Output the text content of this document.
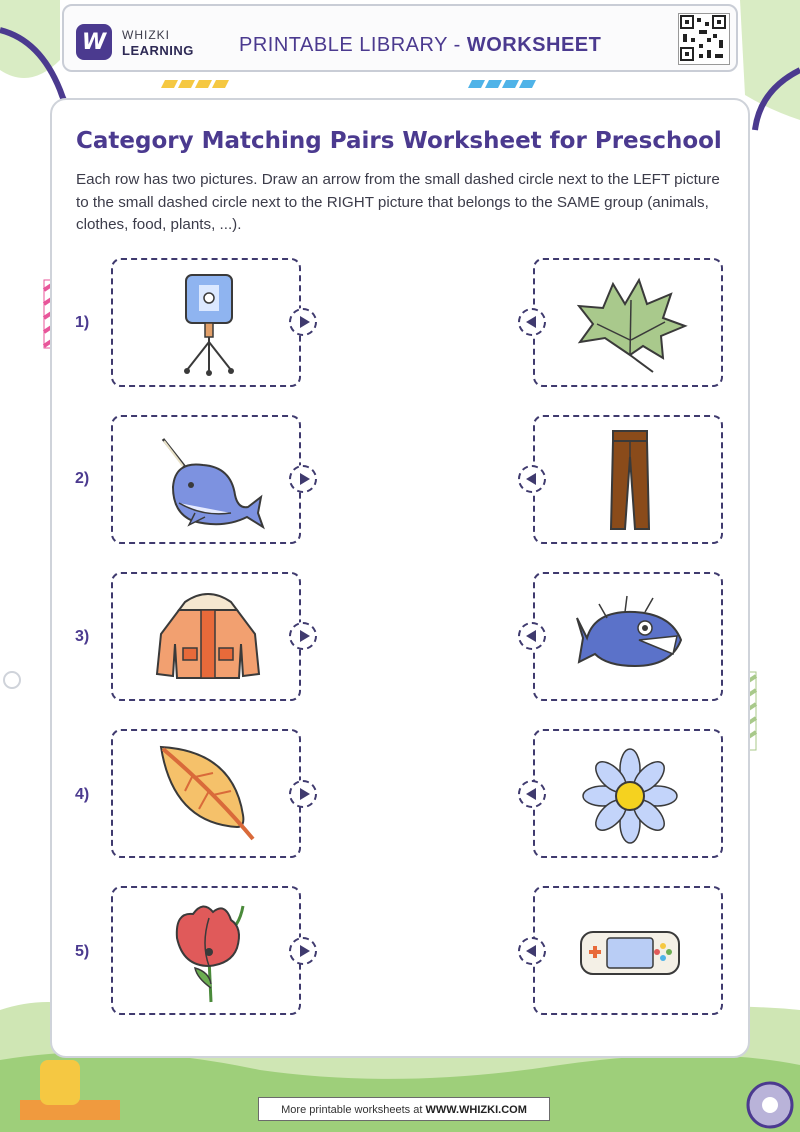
W WHIZKI
LEARNING PRINTABLE LIBRARY - WORKSHEET
Category Matching Pairs Worksheet for Preschool
Each row has two pictures. Draw an arrow from the small dashed circle next to the LEFT picture to the small dashed circle next to the RIGHT picture that belongs to the SAME group (animals, clothes, food, plants, ...).
1)
2)
3)
4)
5)
More printable worksheets at WWW.WHIZKI.COM
